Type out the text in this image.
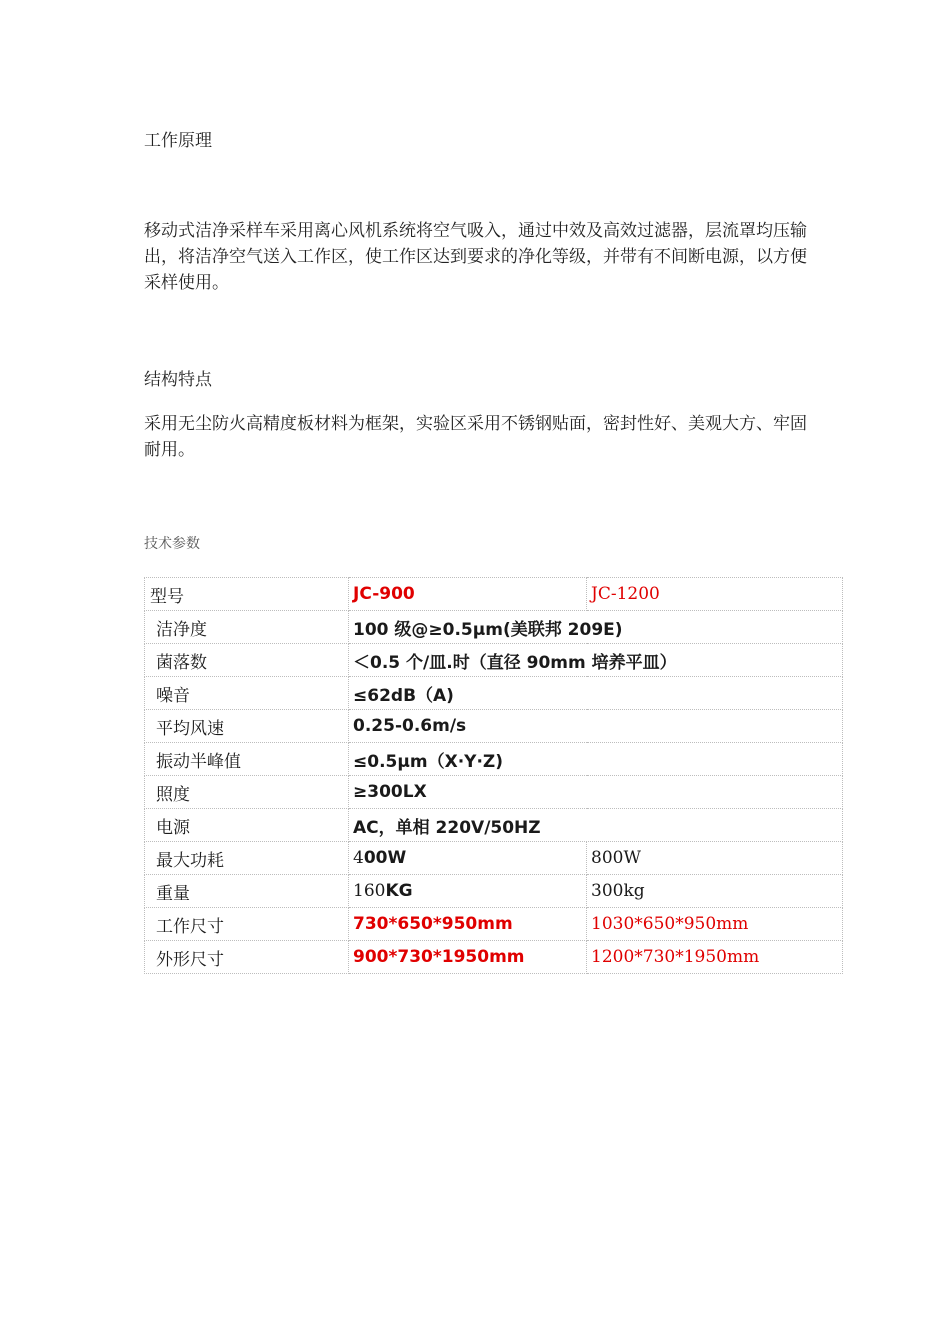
工作原理
移动式洁净采样车采用离心风机系统将空气吸入，通过中效及高效过滤器，层流罩均压输出，将洁净空气送入工作区，使工作区达到要求的净化等级，并带有不间断电源，以方便采样使用。
结构特点
采用无尘防火高精度板材料为框架，实验区采用不锈钢贴面，密封性好、美观大方、牢固耐用。
技术参数
型号	JC-900	JC-1200
洁净度	100 级@≥0.5μm(美联邦 209E)	
菌落数	＜0.5 个/皿.时（直径 90mm 培养平皿）	
噪音	≤62dB（A)	
平均风速	0.25-0.6m/s	
振动半峰值	≤0.5μm（X·Y·Z)	
照度	≥300LX	
电源	AC，单相 220V/50HZ	
最大功耗	400W	800W
重量	160KG	300kg
工作尺寸	730*650*950mm	1030*650*950mm
外形尺寸	900*730*1950mm	1200*730*1950mm
